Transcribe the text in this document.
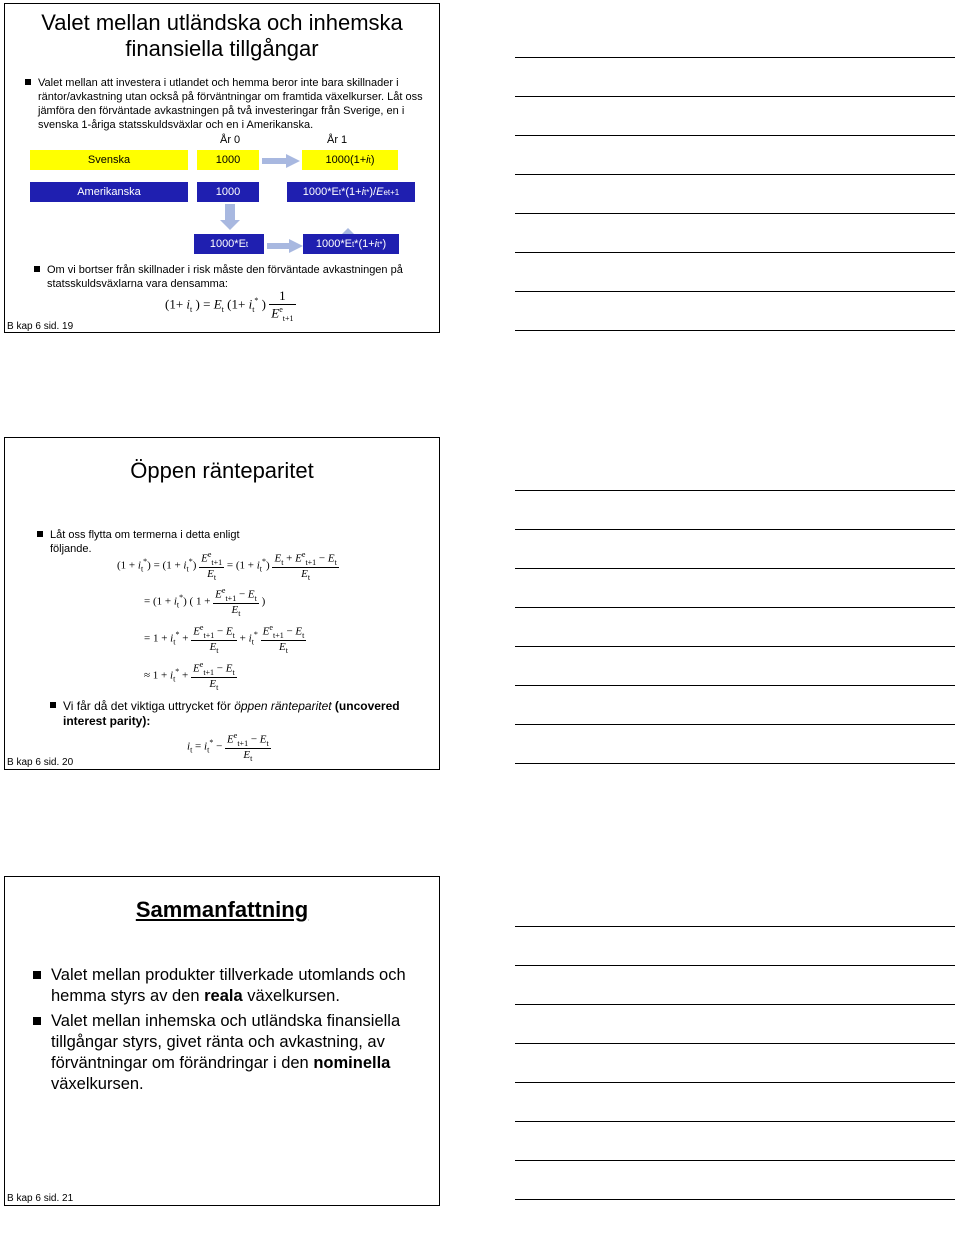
Valet mellan utländska och inhemska finansiella tillgångar
Valet mellan att investera i utlandet och hemma beror inte bara skillnader i räntor/avkastning utan också på förväntningar om framtida växelkurser. Låt oss jämföra den förväntade avkastningen på två investeringar från Sverige, en i svenska 1-åriga statsskuldsväxlar och en i Amerikanska.
År 0	År 1
Svenska	1000	1000(1+ i t )
Amerikanska	1000	1000*E t *(1+ i t * )/ E e t+1
1000*E t	1000*E t *(1+ i t * )
Om vi bortser från skillnader i risk måste den förväntade avkastningen på statsskuldsväxlarna vara densamma:
($1+ i_t$ ) = $E_t$ ($1+ i_t^*$ ) $\frac{1}{E^e_{t+1}}$
B kap 6 sid. 19
Öppen ränteparitet
Låt oss flytta om termerna i detta enligt följande.
$(1 + i_t^*) = (1 + i_t^*) \frac{E^e_{t+1}}{E_t} = (1 + i_t^*) \frac{E_t + E^e_{t+1} - E_t}{E_t}$
= $(1 + i_t^*)$ ( $1 + \frac{E^e_{t+1} - E_t}{E_t}$ )
= $1 + i_t^* + \frac{E^e_{t+1} - E_t}{E_t} + i_t^* \frac{E^e_{t+1} - E_t}{E_t}$
≈ $1 + i_t^* + \frac{E^e_{t+1} - E_t}{E_t}$
Vi får då det viktiga uttrycket för öppen ränteparitet (uncovered interest parity):
$i_t = i_t^* - \frac{E^e_{t+1} - E_t}{E_t}$
B kap 6 sid. 20
Sammanfattning
Valet mellan produkter tillverkade utomlands och hemma styrs av den reala växelkursen.
Valet mellan inhemska och utländska finansiella tillgångar styrs, givet ränta och avkastning, av förväntningar om förändringar i den nominella växelkursen.
B kap 6 sid. 21
